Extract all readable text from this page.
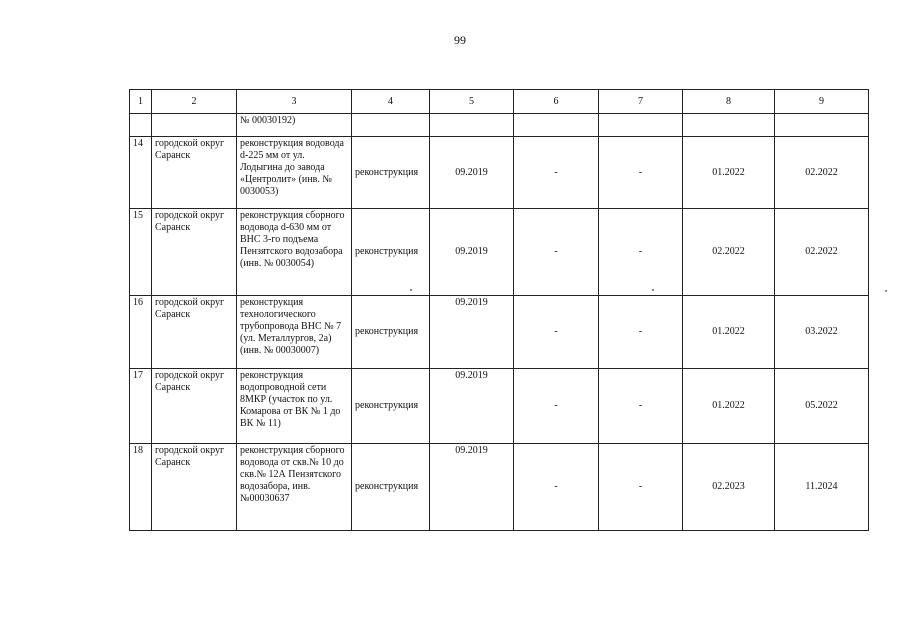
99
1	2	3	4	5	6	7	8	9
		№ 00030192)						
14	городской округ Саранск	реконструкция водовода d-225 мм от ул. Лодыгина до завода «Центролит» (инв. № 0030053)	реконструкция	09.2019	-	-	01.2022	02.2022
15	городской округ Саранск	реконструкция сборного водовода d-630 мм от ВНС 3-го подъема Пензятского водозабора (инв. № 0030054)	реконструкция	09.2019	-	-	02.2022	02.2022
16	городской округ Саранск	реконструкция технологического трубопровода ВНС № 7 (ул. Металлургов, 2а) (инв. № 00030007)	реконструкция	09.2019	-	-	01.2022	03.2022
17	городской округ Саранск	реконструкция водопроводной сети 8МКР (участок по ул. Комарова от ВК № 1 до ВК № 11)	реконструкция	09.2019	-	-	01.2022	05.2022
18	городской округ Саранск	реконструкция сборного водовода от скв.№ 10 до скв.№ 12А Пензятского водозабора, инв. №00030637	реконструкция	09.2019	-	-	02.2023	11.2024
